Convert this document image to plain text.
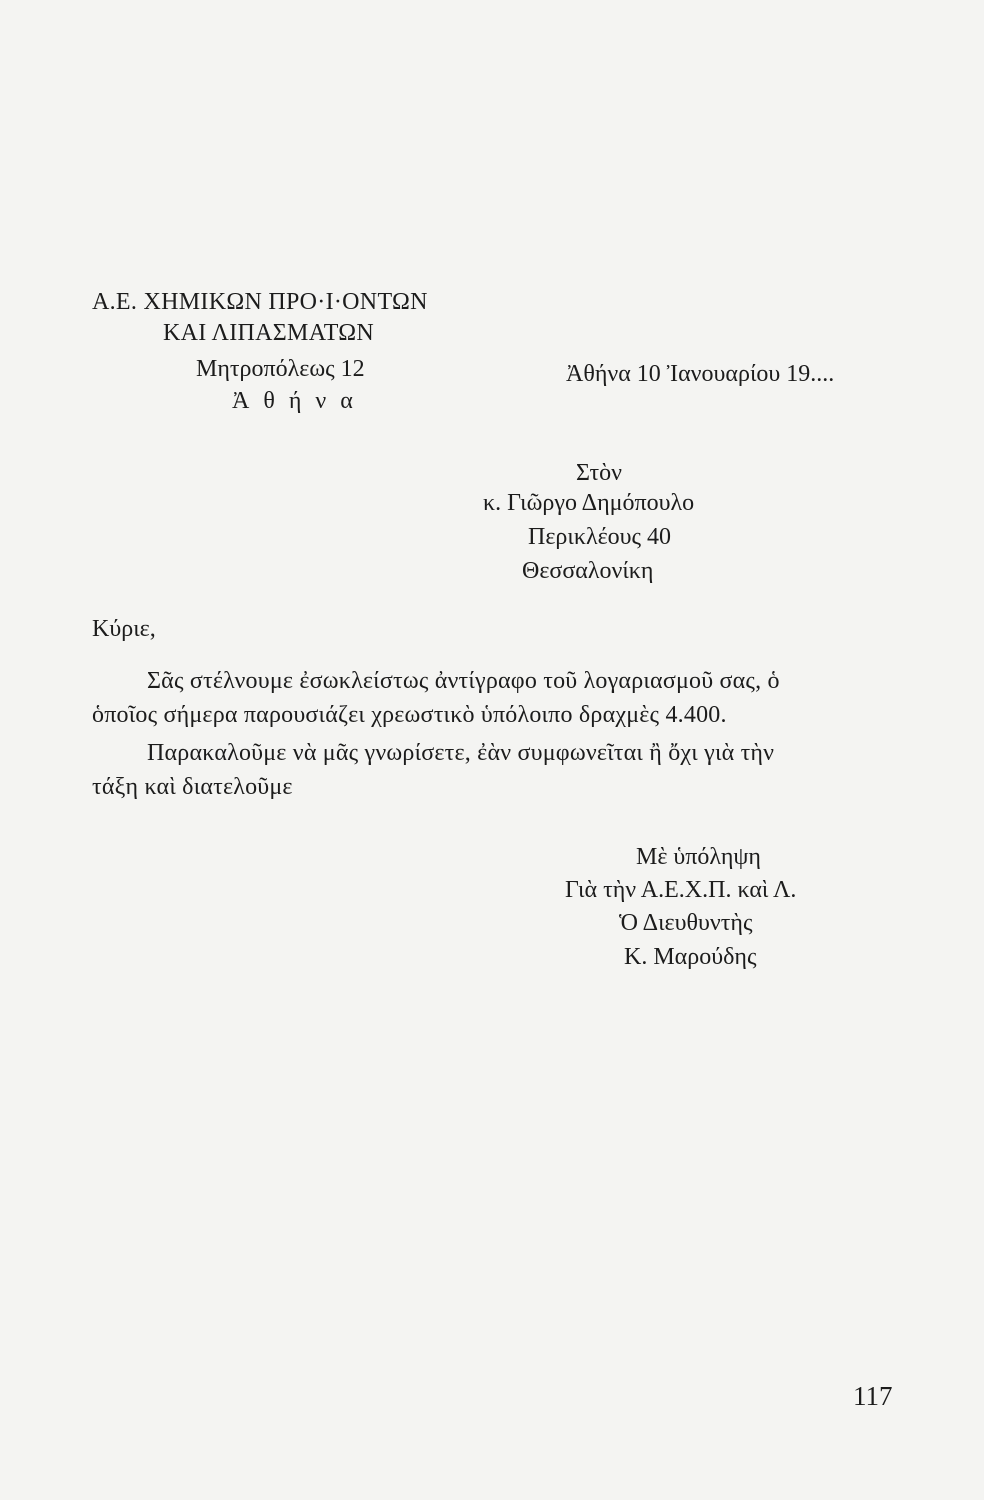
Α.Ε. ΧΗΜΙΚΩΝ ΠΡΟ·Ι·ΟΝΤΩΝ
ΚΑΙ ΛΙΠΑΣΜΑΤΩΝ
Μητροπόλεως 12
Ἀ θ ή ν α
Ἀθήνα 10 Ἰανουαρίου 19....
Στὸν
κ. Γιῶργο Δημόπουλο
Περικλέους 40
Θεσσαλονίκη
Κύριε,
Σᾶς στέλνουμε ἐσωκλείστως ἀντίγραφο τοῦ λογαριασμοῦ σας, ὁ
ὁποῖος σήμερα παρουσιάζει χρεωστικὸ ὑπόλοιπο δραχμὲς 4.400.
Παρακαλοῦμε νὰ μᾶς γνωρίσετε, ἐὰν συμφωνεῖται ἢ ὄχι γιὰ τὴν
τάξη καὶ διατελοῦμε
Μὲ ὑπόληψη
Γιὰ τὴν Α.Ε.Χ.Π. καὶ Λ.
Ὁ Διευθυντὴς
Κ. Μαρούδης
117
